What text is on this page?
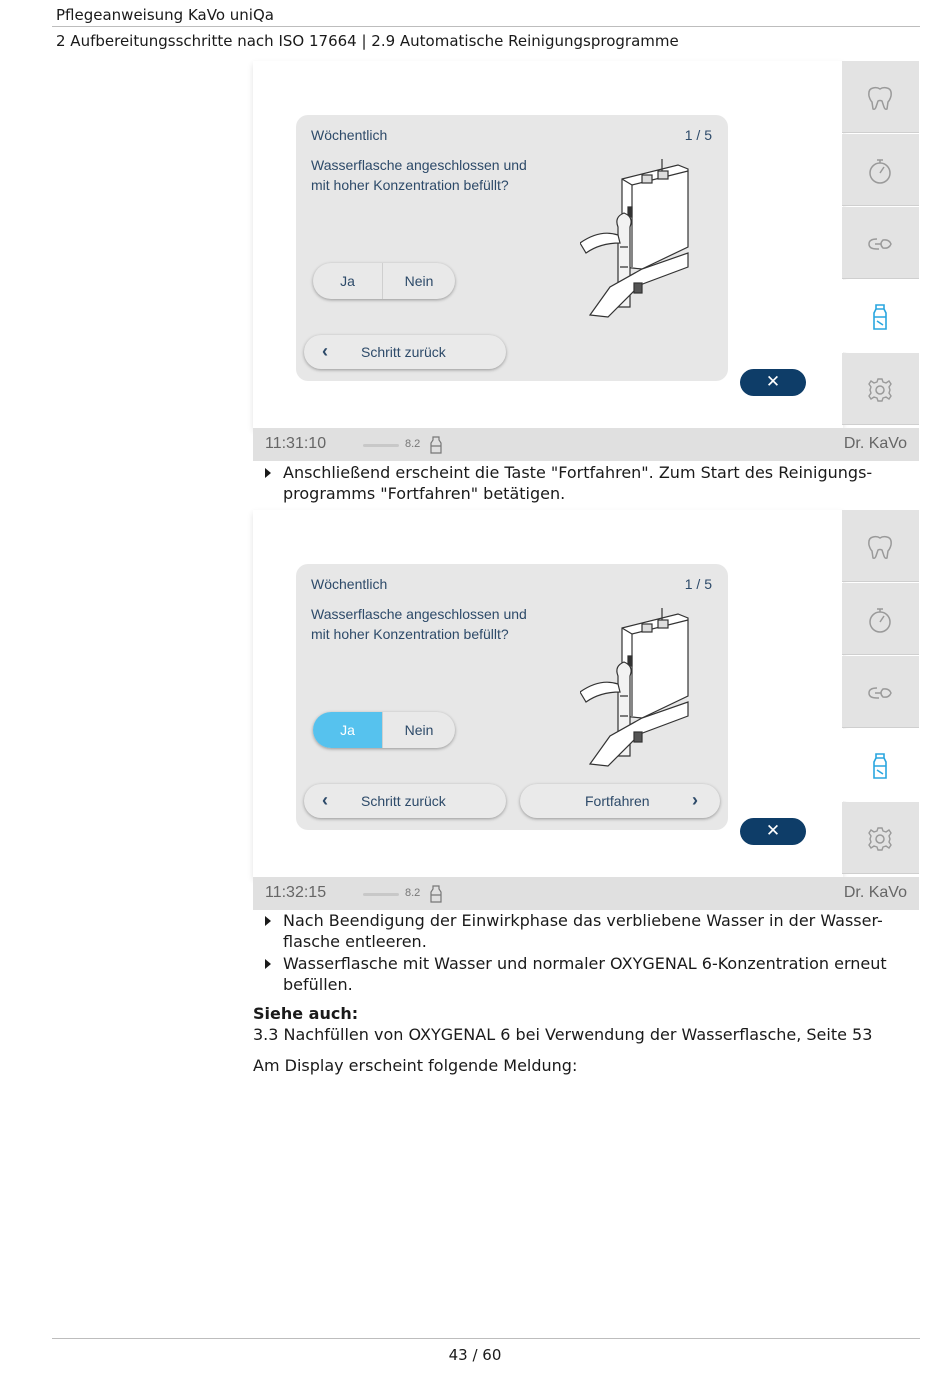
Pflegeanweisung KaVo uniQa
2 Aufbereitungsschritte nach ISO 17664 | 2.9 Automatische Reinigungsprogramme
Wöchentlich	1 / 5
Wasserflasche angeschlossen und mit hoher Konzentration befüllt?
Ja	Nein
‹ Schritt zurück
✕
11:31:10	8.2	Dr. KaVo
Anschließend erscheint die Taste "Fortfahren". Zum Start des Reinigungs-programms "Fortfahren" betätigen.
Wöchentlich	1 / 5
Wasserflasche angeschlossen und mit hoher Konzentration befüllt?
Ja	Nein
‹ Schritt zurück	Fortfahren ›
✕
11:32:15	8.2	Dr. KaVo
Nach Beendigung der Einwirkphase das verbliebene Wasser in der Wasser-flasche entleeren.
Wasserflasche mit Wasser und normaler OXYGENAL 6-Konzentration erneut befüllen.
Siehe auch:
3.3 Nachfüllen von OXYGENAL 6 bei Verwendung der Wasserflasche, Seite 53
Am Display erscheint folgende Meldung:
43 / 60
